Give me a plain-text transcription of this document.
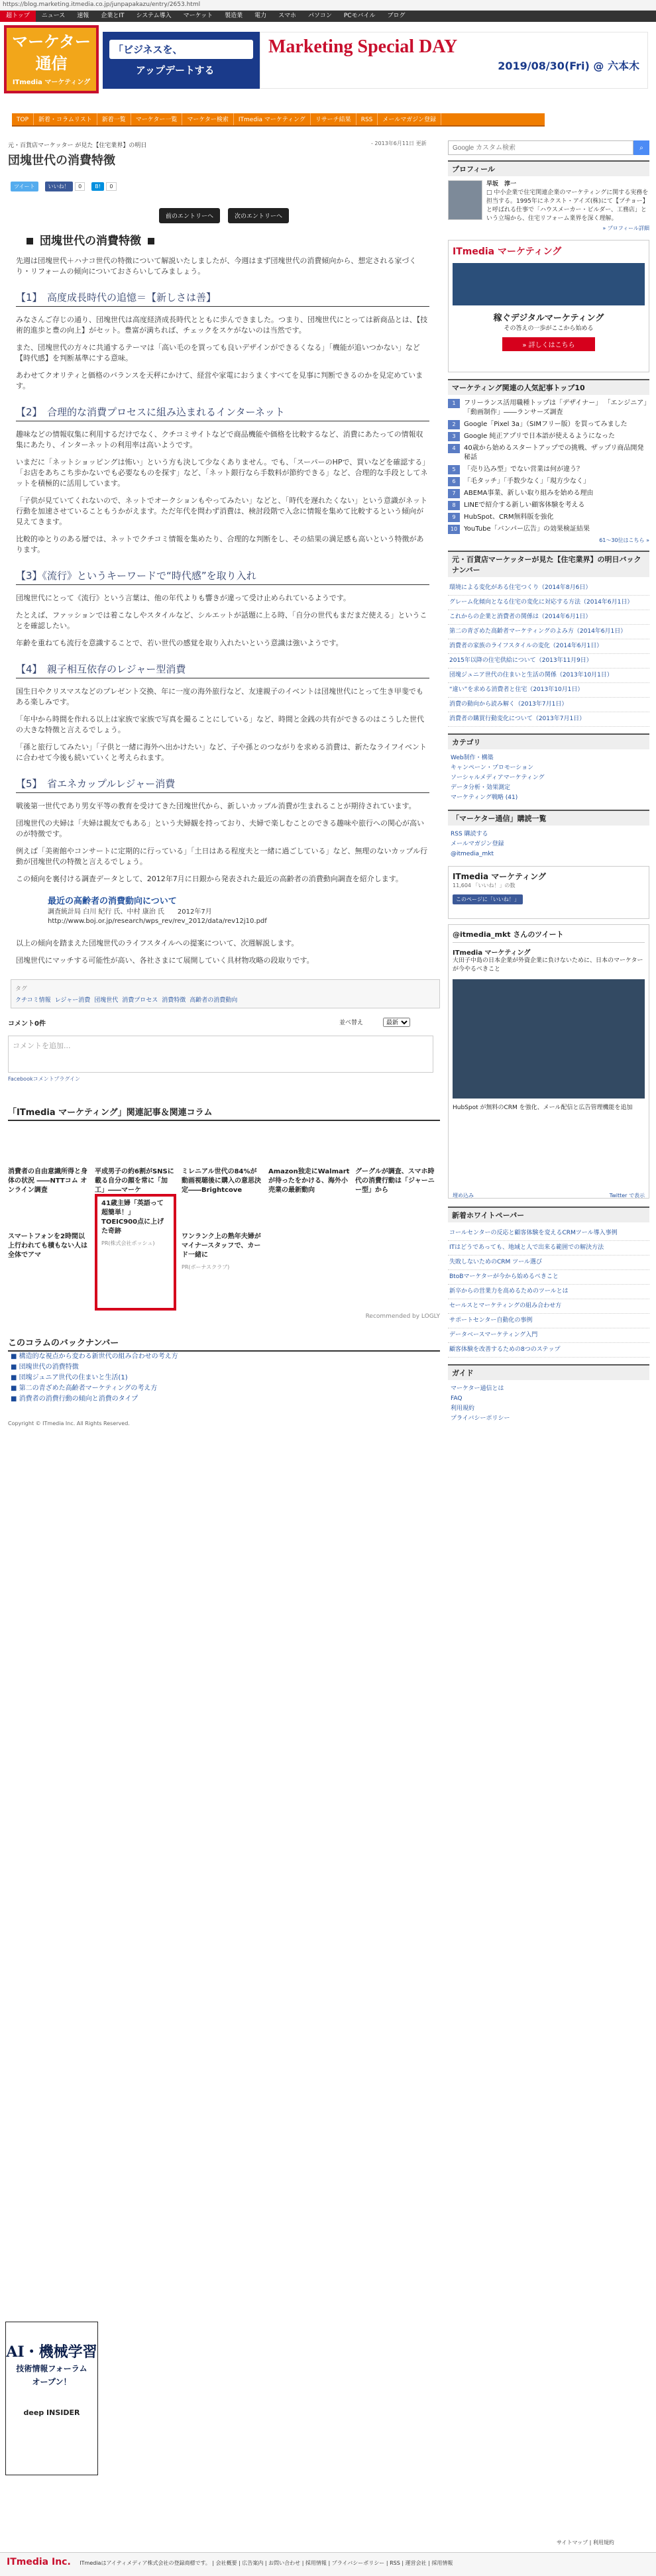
https://blog.marketing.itmedia.co.jp/junpapakazu/entry/2653.html
超トップ	ニュース	速報	企業とIT	システム導入	マーケット	製造業	電力	スマホ	パソコン	PCモバイル	ブログ
マーケター通信
ITmedia マーケティング
「ビジネスを、
アップデートする
Marketing Special DAY
2019/08/30(Fri) @ 六本木
TOP	新着・コラムリスト	新着一覧	マーケター一覧	マーケター検索	ITmedia マーケティング	リサーチ結果	RSS	メールマガジン登録
元・百貨店マーケッター が見た【住宅業界】の明日	- 2013年6月11日 更新
団塊世代の消費特徴
ツイート	いいね！ 0	B! 0
前のエントリーへ	次のエントリーへ
団塊世代の消費特徴

先週は団塊世代＋ハナコ世代の特徴について解説いたしましたが、今週はまず団塊世代の消費傾向から、想定される家づくり・リフォームの傾向についておさらいしてみましょう。

【1】　高度成長時代の追憶＝【新しさは善】

みなさんご存じの通り、団塊世代は高度経済成長時代とともに歩んできました。つまり、団塊世代にとっては新商品とは、【技術的進歩と豊の向上】がセット。豊富が満ちれば、チェックをスケがないのは当然です。

また、団塊世代の方々に共通するテーマは「高い毛のを買っても良いデザインができるくなる」「機能が追いつかない」など【時代感】を判断基準にする意味。

あわせてクオリティと価格のバランスを天秤にかけて、経営や家電におうまくすべてを見事に判断できるのかを見定めています。

【2】　合理的な消費プロセスに組み込まれるインターネット

趣味などの情報収集に利用するだけでなく、クチコミサイトなどで商品機能や価格を比較するなど、消費にあたっての情報収集にあたり、インターネットの利用率は高いようです。

いまだに「ネットショッピングは怖い」という方も決して少なくありません。でも、「スーパーのHPで、買いなどを確認する」「お店をあちこち歩かないでも必要なものを探す」など、「ネット銀行なら手数料が節約できる」など、合理的な手段としてネットを積極的に活用しています。

「子供が見ていてくれないので、ネットでオークションもやってみたい」などと、「時代を遅れたくない」という意識がネット行動を加速させていることもうかがえます。ただ年代を問わず消費は、検討段階で入念に情報を集めて比較するという傾向が見えてきます。

比較的ゆとりのある層では、ネットでクチコミ情報を集めたり、合理的な判断をし、その結果の満足感も高いという特徴があります。

【3】《流行》というキーワードで“時代感”を取り入れ

団塊世代にとって《流行》という言葉は、他の年代よりも響きが違って受け止められているようです。

たとえば、ファッションでは着こなしやスタイルなど、シルエットが話題に上る時、「自分の世代もまだまだ使える」ということを確認したい。

年齢を重ねても流行を意識することで、若い世代の感覚を取り入れたいという意識は強いようです。

【4】　親子相互依存のレジャー型消費

国生日やクリスマスなどのプレゼント交換、年に一度の海外旅行など、友達親子のイベントは団塊世代にとって生き甲斐でもある楽しみです。

「年中から時間を作れる以上は家族で家族で写真を撮ることにしている」など、時間と金銭の共有ができるのはこうした世代の大きな特徴と言えるでしょう。

「孫と旅行してみたい」「子供と一緒に海外へ出かけたい」など、子や孫とのつながりを求める消費は、新たなライフイベントに合わせて今後も続いていくと考えられます。

【5】　省エネカップルレジャー消費

戦後第一世代であり男女平等の教育を受けてきた団塊世代から、新しいカップル消費が生まれることが期待されています。

団塊世代の夫婦は「夫婦は親友でもある」という夫婦観を持っており、夫婦で楽しむことのできる趣味や旅行への関心が高いのが特徴です。

例えば「美術館やコンサートに定期的に行っている」「土日はある程度夫と一緒に過ごしている」など、無理のないカップル行動が団塊世代の特徴と言えるでしょう。

この傾向を裏付ける調査データとして、2012年7月に日銀から発表された最近の高齢者の消費動向調査を紹介します。

最近の高齢者の消費動向について
調査統計局 白川 紀行 氏、中村 康治 氏　　2012年7月
http://www.boj.or.jp/research/wps_rev/rev_2012/data/rev12j10.pdf

以上の傾向を踏まえた団塊世代のライフスタイルへの提案について、次週解説します。

団塊世代にマッチする可能性が高い、各社さまにて展開していく具材物攻略の段取りです。

タグ
クチコミ情報 レジャー消費 団塊世代 消費プロセス 消費特徴 高齢者の消費動向
コメント0件	並べ替え
最新
コメントを追加...
Facebookコメントプラグイン
「ITmedia マーケティング」関連記事＆関連コラム
消費者の自由意識所得と身体の状況 ――NTTコム オンライン調査
平成男子の約6割がSNSに載る自分の顔を常に「加工」――マーケ
ミレニアル世代の84%が動画視聴後に購入の意思決定――Brightcove
Amazon独走にWalmartが待ったをかける、海外小売業の最新動向
グーグルが調査、スマホ時代の消費行動は「ジャーニー型」から
スマートフォンを2時間以上行われても積もない人は全体でアマ
41歳主婦「英語って超簡単！」TOEIC900点に上げた奇跡
PR(株式会社ポッシュ)
ワンランク上の熟年夫婦がマイナースタッフで、カード一緒に
PR(ボーナスクラブ)
Recommended by LOGLY
このコラムのバックナンバー
■ 構造的な視点から変わる新世代の組み合わせの考え方
■ 団塊世代の消費特徴
■ 団塊ジュニア世代の住まいと生活(1)
■ 第二の青ざめた高齢者マーケティングの考え方
■ 消費者の消費行動の傾向と消費のタイプ
Copyright © ITmedia Inc. All Rights Reserved.
Google カスタム検索
⌕
プロフィール
早坂　淳一
□ 中小企業で住宅関連企業のマーケティングに関する実務を担当する。1995年にネクスト・アイズ(株)にて【プチョー】と呼ばれる仕事で「ハウスメーカー・ビルダー、工務店」という立場から、住宅リフォーム業界を深く理解。
» プロフィール詳細
ITmedia マーケティング
稼ぐデジタルマーケティング
その答えの一歩がここから始める
» 詳しくはこちら
マーケティング関連の人気記事トップ10
1	フリーランス活用職種トップは「デザイナー」 「エンジニア」「動画制作」――ランサーズ調査
2	Google「Pixel 3a」（SIMフリー版）を買ってみました
3	Google 純正アプリで日本語が使えるようになった
4	40歳から始めるスタートアップでの挑戦、ザップリ商品開発秘話
5	「売り込み型」でない営業は何が違う？
6	「毛タッチ」「手数少なく」「現方少なく」
7	ABEMA事業、新しい取り組みを始める理由
8	LINEで紹介する新しい顧客体験を考える
9	HubSpot、CRM無料版を強化
10 YouTube「バンパー広告」の効果検証結果
61〜30位はこちら »
元・百貨店マーケッターが見た【住宅業界】の明日バックナンバー
環境による変化がある住宅つくり（2014年8月6日）
グレーム化傾向となる住宅の変化に対応する方法（2014年6月1日）
これからの企業と消費者の関係は（2014年6月1日）
第二の青ざめた高齢者マーケティングのよみ方（2014年6月1日）
消費者の家族のライフスタイルの変化（2014年6月1日）
2015年以降の住宅供給について（2013年11月9日）
団塊ジュニア世代の住まいと生活の関係（2013年10月1日）
“違い”を求める消費者と住宅（2013年10月1日）
消費の動向から読み解く（2013年7月1日）
消費者の購買行動変化について（2013年7月1日）
カテゴリ
Web制作・構築
キャンペーン・プロモーション
ソーシャルメディアマーケティング
データ分析・効果測定
マーケティング戦略 (41)
「マーケター通信」購読一覧
RSS 購読する
メールマガジン登録
@itmedia_mkt
ITmedia マーケティング
11,604 「いいね！」の数
このページに「いいね！」
@itmedia_mkt さんのツイート
ITmedia マーケティング
大田子中島の日本企業が外資企業に負けないために、日本のマーケターが今やるべきこと
HubSpot が無料のCRM を強化、メール配信と広告管理機能を追加
埋め込み	Twitter で表示
新着ホワイトペーパー
コールセンターの反応と顧客体験を変えるCRMツール導入事例
ITはどうであっても、地域と人で出来る範囲での解決方法
失敗しないためのCRM ツール選び
BtoBマーケターが今から始めるべきこと
新卒からの営業力を高めるためのツールとは
セールスとマーケティングの組み合わせ方
サポートセンター自動化の事例
データベースマーケティング入門
顧客体験を改善するための8つのステップ
ガイド
マーケター通信とは
FAQ
利用規約
プライバシーポリシー
AI・機械学習
技術情報フォーラム
オープン！
deep INSIDER
サイトマップ | 利用規約
ITmedia Inc. ITmediaはアイティメディア株式会社の登録商標です。 | 会社概要 | 広告案内 | お問い合わせ | 採用情報 | プライバシーポリシー | RSS | 運営会社 | 採用情報
